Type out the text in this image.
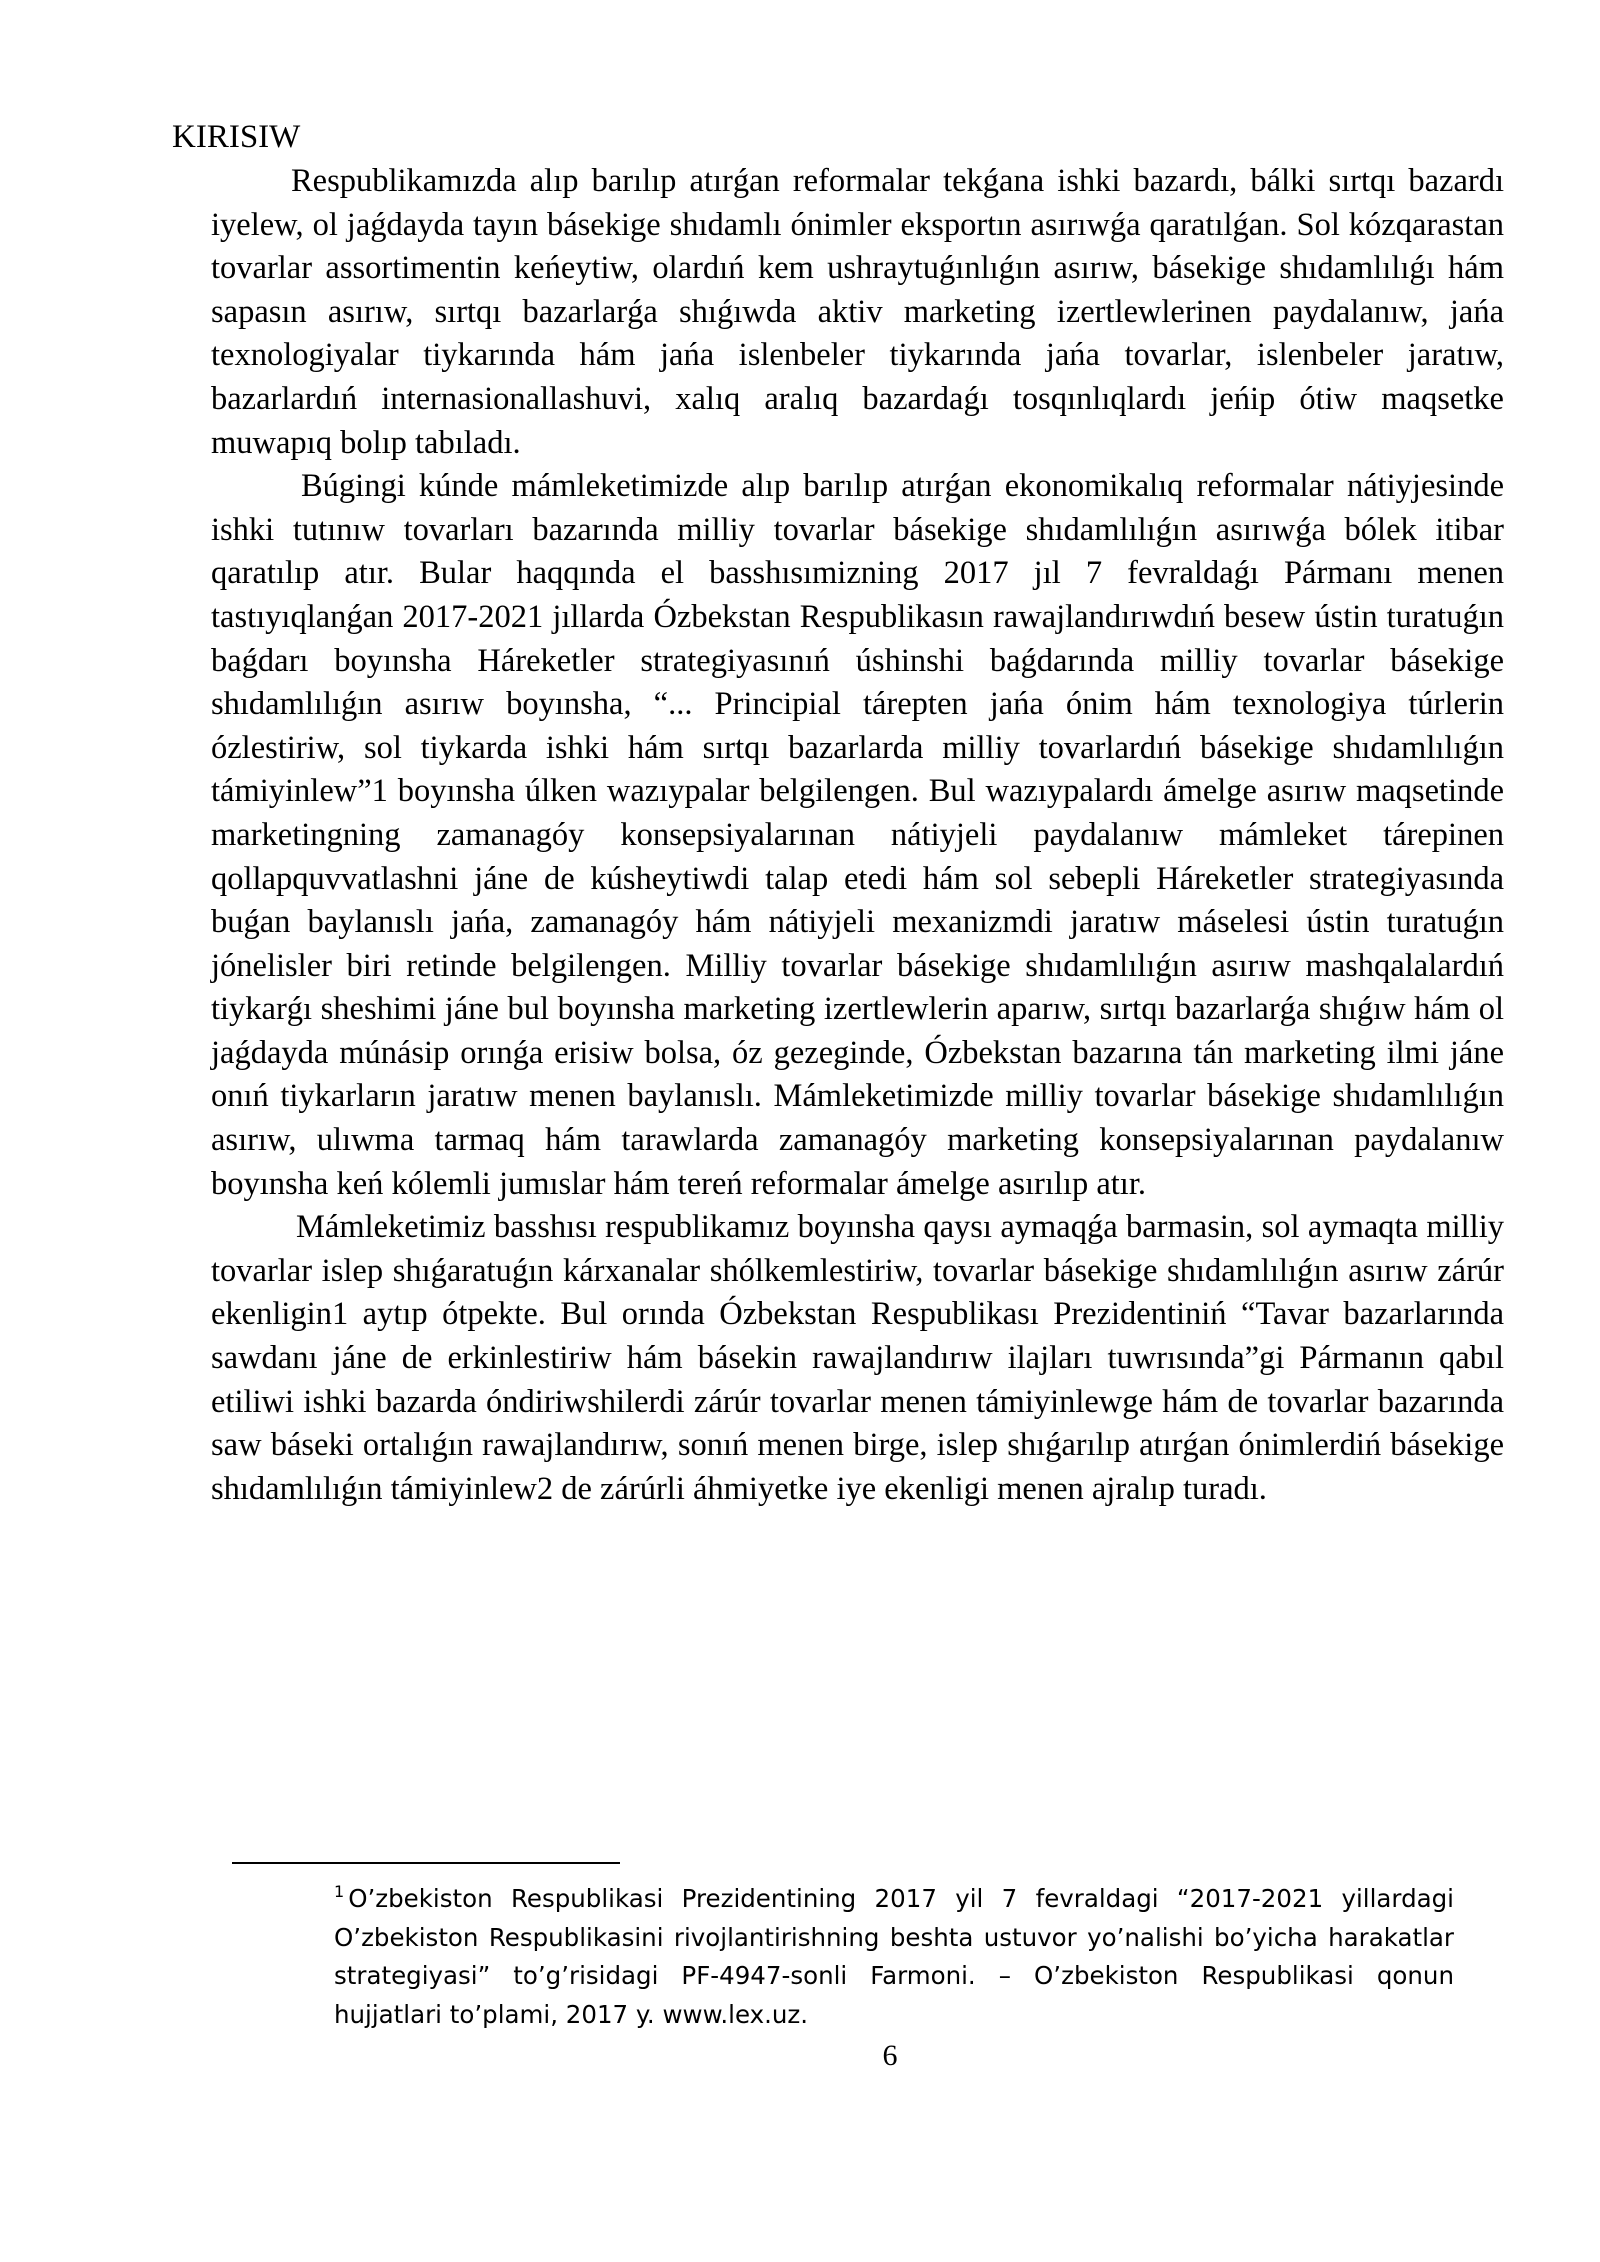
KIRISIW

Respublikamızda alıp barılıp atırǵan reformalar tekǵana ishki bazardı, bálki sırtqı bazardı iyelew, ol jaǵdayda tayın básekige shıdamlı ónimler eksportın asırıwǵa qaratılǵan. Sol kózqarastan tovarlar assortimentin keńeytiw, olardıń kem ushraytuǵınlıǵın asırıw, básekige shıdamlılıǵı hám sapasın asırıw, sırtqı bazarlarǵa shıǵıwda aktiv marketing izertlewlerinen paydalanıw, jańa texnologiyalar tiykarında hám jańa islenbeler tiykarında jańa tovarlar, islenbeler jaratıw, bazarlardıń internasionallashuvi, xalıq aralıq bazardaǵı tosqınlıqlardı jeńip ótiw maqsetke muwapıq bolıp tabıladı.

Búgingi kúnde mámleketimizde alıp barılıp atırǵan ekonomikalıq reformalar nátiyjesinde ishki tutınıw tovarları bazarında milliy tovarlar básekige shıdamlılıǵın asırıwǵa bólek itibar qaratılıp atır. Bular haqqında el basshısımizning 2017 jıl 7 fevraldaǵı Pármanı menen tastıyıqlanǵan 2017-2021 jıllarda Ózbekstan Respublikasın rawajlandırıwdıń besew ústin turatuǵın baǵdarı boyınsha Háreketler strategiyasınıń úshinshi baǵdarında milliy tovarlar básekige shıdamlılıǵın asırıw boyınsha, “... Principial tárepten jańa ónim hám texnologiya túrlerin ózlestiriw, sol tiykarda ishki hám sırtqı bazarlarda milliy tovarlardıń básekige shıdamlılıǵın támiyinlew”1 boyınsha úlken wazıypalar belgilengen. Bul wazıypalardı ámelge asırıw maqsetinde marketingning zamanagóy konsepsiyalarınan nátiyjeli paydalanıw mámleket tárepinen qollapquvvatlashni jáne de kúsheytiwdi talap etedi hám sol sebepli Háreketler strategiyasında buǵan baylanıslı jańa, zamanagóy hám nátiyjeli mexanizmdi jaratıw máselesi ústin turatuǵın jónelisler biri retinde belgilengen. Milliy tovarlar básekige shıdamlılıǵın asırıw mashqalalardıń tiykarǵı sheshimi jáne bul boyınsha marketing izertlewlerin aparıw, sırtqı bazarlarǵa shıǵıw hám ol jaǵdayda múnásip orınǵa erisiw bolsa, óz gezeginde, Ózbekstan bazarına tán marketing ilmi jáne onıń tiykarların jaratıw menen baylanıslı. Mámleketimizde milliy tovarlar básekige shıdamlılıǵın asırıw, ulıwma tarmaq hám tarawlarda zamanagóy marketing konsepsiyalarınan paydalanıw boyınsha keń kólemli jumıslar hám tereń reformalar ámelge asırılıp atır.

Mámleketimiz basshısı respublikamız boyınsha qaysı aymaqǵa barmasin, sol aymaqta milliy tovarlar islep shıǵaratuǵın kárxanalar shólkemlestiriw, tovarlar básekige shıdamlılıǵın asırıw zárúr ekenligin1 aytıp ótpekte. Bul orında Ózbekstan Respublikası Prezidentiniń “Tavar bazarlarında sawdanı jáne de erkinlestiriw hám básekin rawajlandırıw ilajları tuwrısında”gi Pármanın qabıl etiliwi ishki bazarda óndiriwshilerdi zárúr tovarlar menen támiyinlewge hám de tovarlar bazarında saw báseki ortalıǵın rawajlandırıw, sonıń menen birge, islep shıǵarılıp atırǵan ónimlerdiń básekige shıdamlılıǵın támiyinlew2 de zárúrli áhmiyetke iye ekenligi menen ajralıp turadı.

$^1$ O’zbekiston Respublikasi Prezidentining 2017 yil 7 fevraldagi “2017-2021 yillardagi O’zbekiston Respublikasini rivojlantirishning beshta ustuvor yo’nalishi bo’yicha harakatlar strategiyasi” to’g’risidagi PF-4947-sonli Farmoni. – O’zbekiston Respublikasi qonun hujjatlari to’plami, 2017 y. www.lex.uz.

6
